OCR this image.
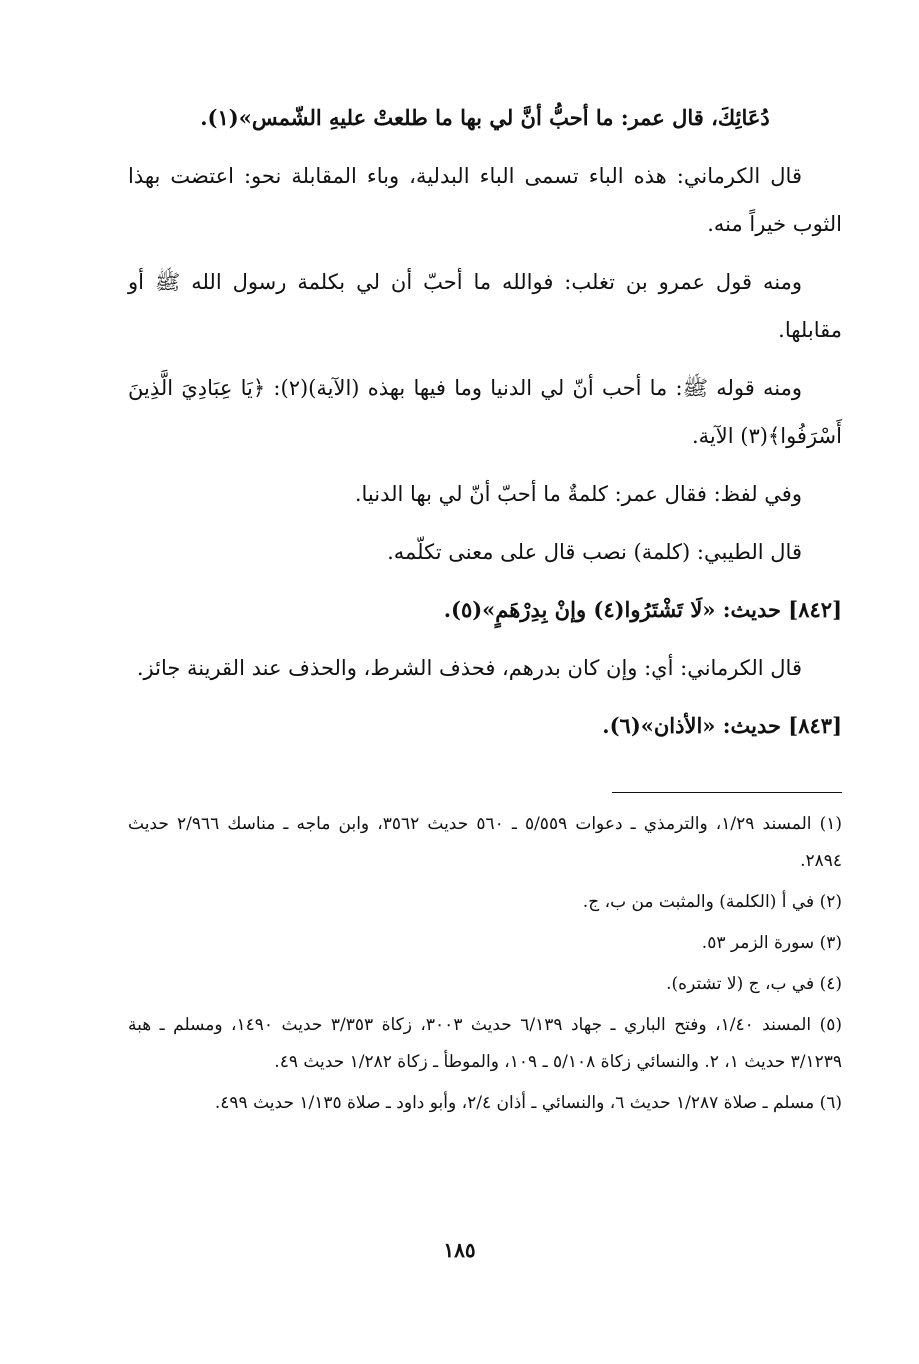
دُعَائِكَ، قال عمر: ما أحبُّ أنَّ لي بها ما طلعتْ عليهِ الشّمس»(١).

قال الكرماني: هذه الباء تسمى الباء البدلية، وباء المقابلة نحو: اعتضت بهذا الثوب خيراً منه.

ومنه قول عمرو بن تغلب: فوالله ما أحبّ أن لي بكلمة رسول الله ﷺ أو مقابلها.

ومنه قوله ﷺ: ما أحب أنّ لي الدنيا وما فيها بهذه (الآية)(٢): ﴿يَا عِبَادِيَ الَّذِينَ أَسْرَفُوا﴾(٣) الآية.

وفي لفظ: فقال عمر: كلمةٌ ما أحبّ أنّ لي بها الدنيا.

قال الطيبي: (كلمة) نصب قال على معنى تكلّمه.

[٨٤٢] حديث: «لَا تَشْتَرُوا(٤) وإنْ بِدِرْهَمٍ»(٥).

قال الكرماني: أي: وإن كان بدرهم، فحذف الشرط، والحذف عند القرينة جائز.

[٨٤٣] حديث: «الأذان»(٦).

(١) المسند ١/٢٩، والترمذي ـ دعوات ٥/٥٥٩ ـ ٥٦٠ حديث ٣٥٦٢، وابن ماجه ـ مناسك ٢/٩٦٦ حديث ٢٨٩٤.

(٢) في أ (الكلمة) والمثبت من ب، ج.

(٣) سورة الزمر ٥٣.

(٤) في ب، ج (لا تشتره).

(٥) المسند ١/٤٠، وفتح الباري ـ جهاد ٦/١٣٩ حديث ٣٠٠٣، زكاة ٣/٣٥٣ حديث ١٤٩٠، ومسلم ـ هبة ٣/١٢٣٩ حديث ١، ٢. والنسائي زكاة ٥/١٠٨ ـ ١٠٩، والموطأ ـ زكاة ١/٢٨٢ حديث ٤٩.

(٦) مسلم ـ صلاة ١/٢٨٧ حديث ٦، والنسائي ـ أذان ٢/٤، وأبو داود ـ صلاة ١/١٣٥ حديث ٤٩٩.

١٨٥
